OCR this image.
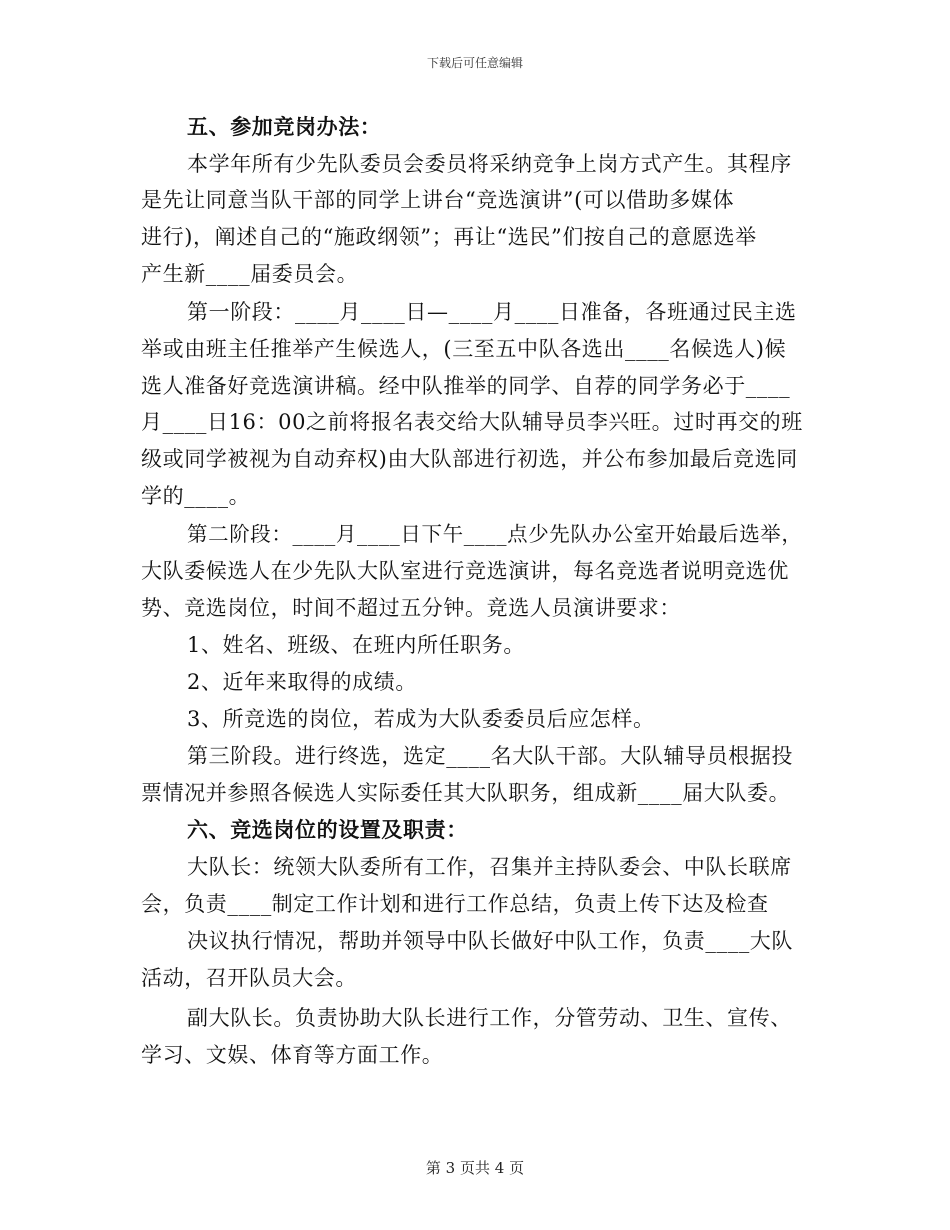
下载后可任意编辑
五、参加竞岗办法：
本学年所有少先队委员会委员将采纳竞争上岗方式产生。其程序
是先让同意当队干部的同学上讲台“竞选演讲”(可以借助多媒体
进行)，阐述自己的“施政纲领”；再让“选民”们按自己的意愿选举
产生新____届委员会。
第一阶段：____月____日—____月____日准备，各班通过民主选
举或由班主任推举产生候选人，(三至五中队各选出____名候选人)候
选人准备好竞选演讲稿。经中队推举的同学、自荐的同学务必于____
月____日16：00之前将报名表交给大队辅导员李兴旺。过时再交的班
级或同学被视为自动弃权)由大队部进行初选，并公布参加最后竞选同
学的____。
第二阶段：____月____日下午____点少先队办公室开始最后选举，
大队委候选人在少先队大队室进行竞选演讲，每名竞选者说明竞选优
势、竞选岗位，时间不超过五分钟。竞选人员演讲要求：
1、姓名、班级、在班内所任职务。
2、近年来取得的成绩。
3、所竞选的岗位，若成为大队委委员后应怎样。
第三阶段。进行终选，选定____名大队干部。大队辅导员根据投
票情况并参照各候选人实际委任其大队职务，组成新____届大队委。
六、竞选岗位的设置及职责：
大队长：统领大队委所有工作，召集并主持队委会、中队长联席
会，负责____制定工作计划和进行工作总结，负责上传下达及检查
决议执行情况，帮助并领导中队长做好中队工作，负责____大队
活动，召开队员大会。
副大队长。负责协助大队长进行工作，分管劳动、卫生、宣传、
学习、文娱、体育等方面工作。
第 3 页共 4 页
